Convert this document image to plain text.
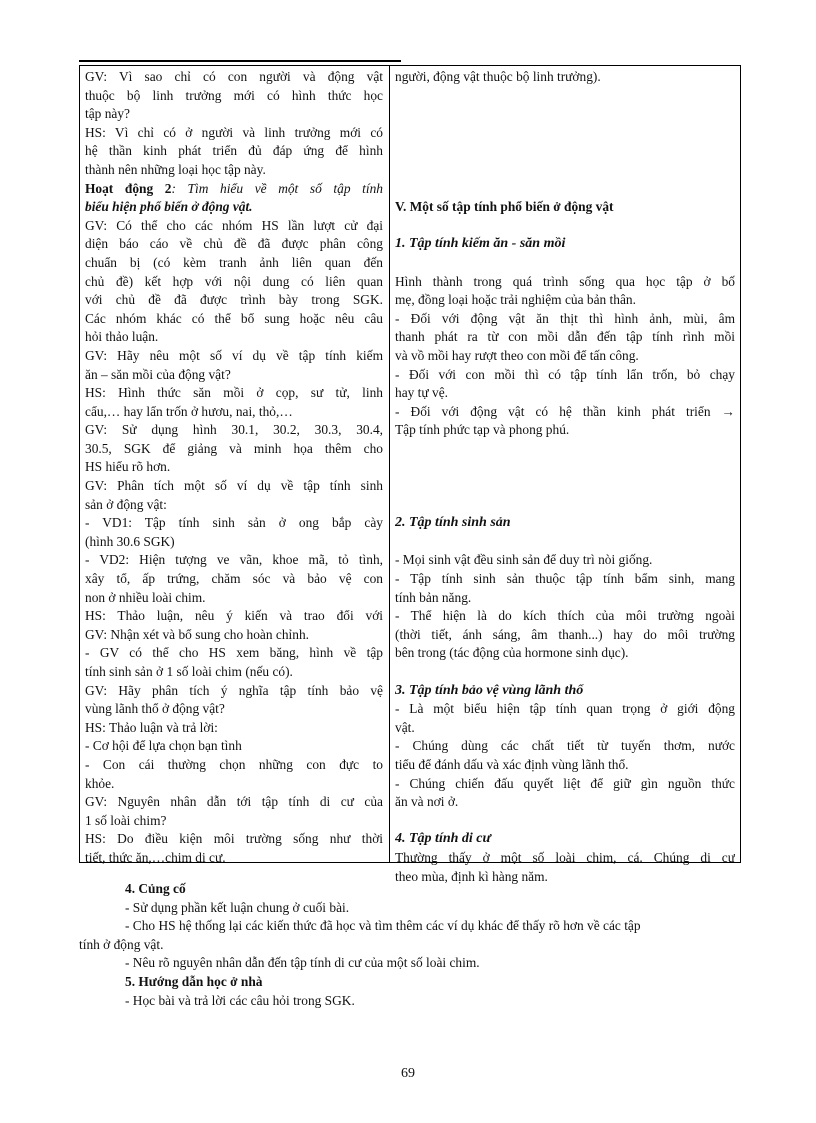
GV: Vì sao chỉ có con người và động vật
thuộc bộ linh trưởng mới có hình thức học
tập này?
HS: Vì chỉ có ở người và linh trưởng mới có
hệ thần kinh phát triển đủ đáp ứng để hình
thành nên những loại học tập này.
Hoạt động 2: Tìm hiểu về một số tập tính
biểu hiện phổ biến ở động vật.
GV: Có thể cho các nhóm HS lần lượt cử đại
diện báo cáo về chủ đề đã được phân công
chuẩn bị (có kèm tranh ảnh liên quan đến
chủ đề) kết hợp với nội dung có liên quan
với chủ đề đã được trình bày trong SGK.
Các nhóm khác có thể bổ sung hoặc nêu câu
hỏi thảo luận.
GV: Hãy nêu một số ví dụ về tập tính kiếm
ăn – săn mồi của động vật?
HS: Hình thức săn mồi ở cọp, sư tử, linh
cẩu,… hay lẩn trốn ở hươu, nai, thỏ,…
GV: Sử dụng hình 30.1, 30.2, 30.3, 30.4,
30.5, SGK để giảng và minh họa thêm cho
HS hiểu rõ hơn.
GV: Phân tích một số ví dụ về tập tính sinh
sản ở động vật:
- VD1: Tập tính sinh sản ở ong bắp cày
(hình 30.6 SGK)
- VD2: Hiện tượng ve vãn, khoe mã, tỏ tình,
xây tổ, ấp trứng, chăm sóc và bảo vệ con
non ở nhiều loài chim.
HS: Thảo luận, nêu ý kiến và trao đổi với
GV: Nhận xét và bổ sung cho hoàn chỉnh.
- GV có thể cho HS xem băng, hình về tập
tính sinh sản ở 1 số loài chim (nếu có).
GV: Hãy phân tích ý nghĩa tập tính bảo vệ
vùng lãnh thổ ở động vật?
HS: Thảo luận và trả lời:
- Cơ hội để lựa chọn bạn tình
- Con cái thường chọn những con đực to
khỏe.
GV: Nguyên nhân dẫn tới tập tính di cư của
1 số loài chim?
HS: Do điều kiện môi trường sống như thời
tiết, thức ăn,…chim di cư.
người, động vật thuộc bộ linh trưởng).
V. Một số tập tính phổ biến ở động vật
1. Tập tính kiếm ăn - săn mồi
Hình thành trong quá trình sống qua học tập ở bố
mẹ, đồng loại hoặc trải nghiệm của bản thân.
- Đối với động vật ăn thịt thì hình ảnh, mùi, âm
thanh phát ra từ con mồi dẫn đến tập tính rình mồi
và vồ mồi hay rượt theo con mồi để tấn công.
- Đối với con mồi thì có tập tính lẩn trốn, bỏ chạy
hay tự vệ.
- Đối với động vật có hệ thần kinh phát triển →
Tập tính phức tạp và phong phú.
2. Tập tính sinh sản
- Mọi sinh vật đều sinh sản để duy trì nòi giống.
- Tập tính sinh sản thuộc tập tính bẩm sinh, mang
tính bản năng.
- Thể hiện là do kích thích của môi trường ngoài
(thời tiết, ánh sáng, âm thanh...) hay do môi trường
bên trong (tác động của hormone sinh dục).
3. Tập tính bảo vệ vùng lãnh thổ
- Là một biểu hiện tập tính quan trọng ở giới động
vật.
- Chúng dùng các chất tiết từ tuyến thơm, nước
tiểu để đánh dấu và xác định vùng lãnh thổ.
- Chúng chiến đấu quyết liệt để giữ gìn nguồn thức
ăn và nơi ở.
4. Tập tính di cư
Thường thấy ở một số loài chim, cá. Chúng di cư
theo mùa, định kì hàng năm.
4. Củng cố
- Sử dụng phần kết luận chung ở cuối bài.
- Cho HS hệ thống lại các kiến thức đã học và tìm thêm các ví dụ khác để thấy rõ hơn về các tập
tính ở động vật.
- Nêu rõ nguyên nhân dẫn đến tập tính di cư của một số loài chim.
5. Hướng dẫn học ở nhà
- Học bài và trả lời các câu hỏi trong SGK.
69
